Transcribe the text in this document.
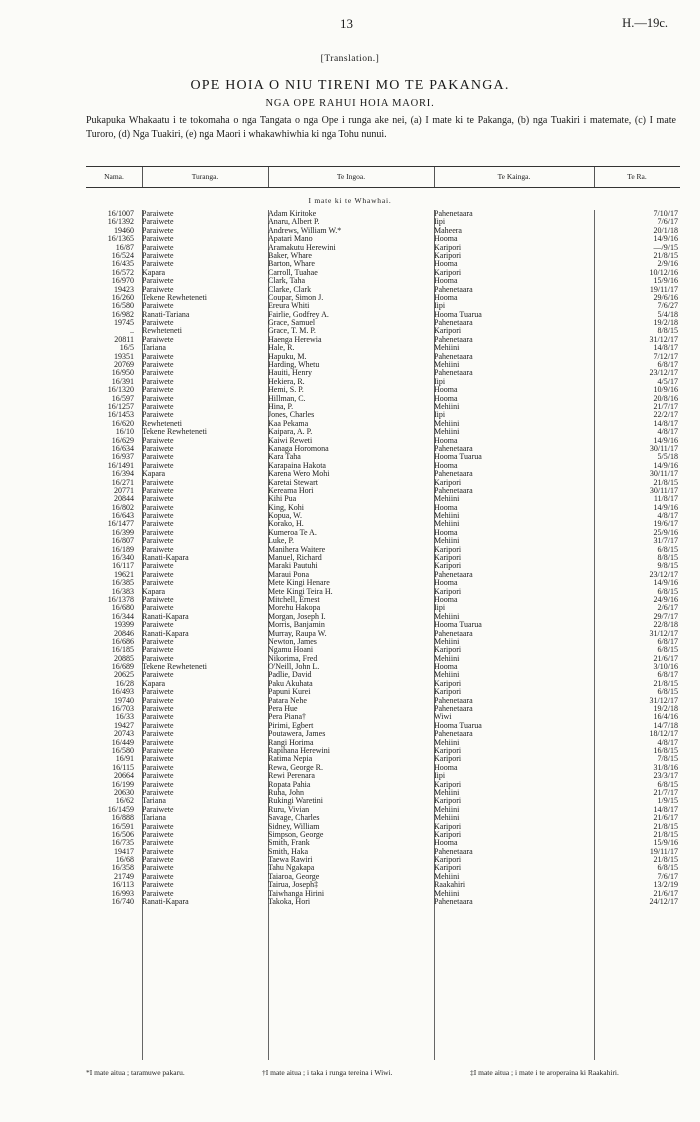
13	H.—19c.
[Translation.]
OPE HOIA O NIU TIRENI MO TE PAKANGA.
NGA OPE RAHUI HOIA MAORI.
Pukapuka Whakaatu i te tokomaha o nga Tangata o nga Ope i runga ake nei, (a) I mate ki te Pakanga, (b) nga Tuakiri i matemate, (c) I mate Turoro, (d) Nga Tuakiri, (e) nga Maori i whakawhiwhia ki nga Tohu nunui.
Nama.	Turanga.	Te Ingoa.	Te Kainga.	Te Ra.
I mate ki te Whawhai.
16/1007 Paraiwete	Adam Kiritoke	Pahenetaara	7/10/17
16/1392 Paraiwete	Anaru, Albert P.	Iipi	7/6/17
19460 Paraiwete	Andrews, William W.*	Maheera	20/1/18
16/1365 Paraiwete	Apatari Mano	Hooma	14/9/16
16/87 Paraiwete	Aramakutu Herewini	Karipori	—/9/15
16/524 Paraiwete	Baker, Whare	Karipori	21/8/15
16/435 Paraiwete	Barton, Whare	Hooma	2/9/16
16/572 Kapara	Carroll, Tuahae	Karipori	10/12/16
16/970 Paraiwete	Clark, Taha	Hooma	15/9/16
19423 Paraiwete	Clarke, Clark	Pahenetaara	19/11/17
16/260 Tekene Rewheteneti	Coupar, Simon J.	Hooma	29/6/16
16/580 Paraiwete	Ereura Whiti	Iipi	7/6/27
16/982 Ranati-Tariana	Fairlie, Godfrey A.	Hooma Tuarua	5/4/18
19745 Paraiwete	Grace, Samuel	Pahenetaara	19/2/18
.. Rewheteneti	Grace, T. M. P.	Karipori	8/8/15
20811 Paraiwete	Haenga Herewia	Pahenetaara	31/12/17
16/5 Tariana	Hale, R.	Mehiini	14/8/17
19351 Paraiwete	Hapuku, M.	Pahenetaara	7/12/17
20769 Paraiwete	Harding, Whetu	Mehiini	6/8/17
16/950 Paraiwete	Hauiti, Henry	Pahenetaara	23/12/17
16/391 Paraiwete	Hekiera, R.	Iipi	4/5/17
16/1320 Paraiwete	Hemi, S. P.	Hooma	10/9/16
16/597 Paraiwete	Hillman, C.	Hooma	20/8/16
16/1257 Paraiwete	Hina, P.	Mehiini	21/7/17
16/1453 Paraiwete	Jones, Charles	Iipi	22/2/17
16/620 Rewheteneti	Kaa Pekama	Mehiini	14/8/17
16/10 Tekene Rewheteneti	Kaipara, A. P.	Mehiini	4/8/17
16/629 Paraiwete	Kaiwi Reweti	Hooma	14/9/16
16/634 Paraiwete	Kanaga Horomona	Pahenetaara	30/11/17
16/937 Paraiwete	Kara Taha	Hooma Tuarua	5/5/18
16/1491 Paraiwete	Karapaina Hakota	Hooma	14/9/16
16/394 Kapara	Karena Wero Mohi	Pahenetaara	30/11/17
16/271 Paraiwete	Karetai Stewart	Karipori	21/8/15
20771 Paraiwete	Kereama Hori	Pahenetaara	30/11/17
20844 Paraiwete	Kihi Pua	Mehiini	11/8/17
16/802 Paraiwete	King, Kohi	Hooma	14/9/16
16/643 Paraiwete	Kopua, W.	Mehiini	4/8/17
16/1477 Paraiwete	Korako, H.	Mehiini	19/6/17
16/399 Paraiwete	Kumeroa Te A.	Hooma	25/9/16
16/807 Paraiwete	Luke, P.	Mehiini	31/7/17
16/189 Paraiwete	Manihera Waitere	Karipori	6/8/15
16/340 Ranati-Kapara	Manuel, Richard	Karipori	8/8/15
16/117 Paraiwete	Maraki Pautuhi	Karipori	9/8/15
19621 Paraiwete	Maraui Pona	Pahenetaara	23/12/17
16/385 Paraiwete	Mete Kingi Henare	Hooma	14/9/16
16/383 Kapara	Mete Kingi Teira H.	Karipori	6/8/15
16/1378 Paraiwete	Mitchell, Ernest	Hooma	24/9/16
16/680 Paraiwete	Morehu Hakopa	Iipi	2/6/17
16/344 Ranati-Kapara	Morgan, Joseph I.	Mehiini	29/7/17
19399 Paraiwete	Morris, Banjamin	Hooma Tuarua	22/8/18
20846 Ranati-Kapara	Murray, Raupa W.	Pahenetaara	31/12/17
16/686 Paraiwete	Newton, James	Mehiini	6/8/17
16/185 Paraiwete	Ngamu Hoani	Karipori	6/8/15
20885 Paraiwete	Nikorima, Fred	Mehiini	21/6/17
16/689 Tekene Rewheteneti	O'Neill, John L.	Hooma	3/10/16
20625 Paraiwete	Padlie, David	Mehiini	6/8/17
16/28 Kapara	Paku Akuhata	Karipori	21/8/15
16/493 Paraiwete	Papuni Kurei	Karipori	6/8/15
19740 Paraiwete	Patara Nehe	Pahenetaara	31/12/17
16/703 Paraiwete	Pera Hue	Pahenetaara	19/2/18
16/33 Paraiwete	Pera Piana†	Wiwi	16/4/16
19427 Paraiwete	Pirimi, Egbert	Hooma Tuarua	14/7/18
20743 Paraiwete	Poutawera, James	Pahenetaara	18/12/17
16/449 Paraiwete	Rangi Horima	Mehiini	4/8/17
16/580 Paraiwete	Rapihana Herewini	Karipori	16/8/15
16/91 Paraiwete	Ratima Nepia	Karipori	7/8/15
16/115 Paraiwete	Rewa, George R.	Hooma	31/8/16
20664 Paraiwete	Rewi Perenara	Iipi	23/3/17
16/199 Paraiwete	Ropata Pahia	Karipori	6/8/15
20630 Paraiwete	Ruha, John	Mehiini	21/7/17
16/62 Tariana	Rukingi Waretini	Karipori	1/9/15
16/1459 Paraiwete	Ruru, Vivian	Mehiini	14/8/17
16/888 Tariana	Savage, Charles	Mehiini	21/6/17
16/591 Paraiwete	Sidney, William	Karipori	21/8/15
16/506 Paraiwete	Simpson, George	Karipori	21/8/15
16/735 Paraiwete	Smith, Frank	Hooma	15/9/16
19417 Paraiwete	Smith, Haka	Pahenetaara	19/11/17
16/68 Paraiwete	Taewa Rawiri	Karipori	21/8/15
16/358 Paraiwete	Tahu Ngakapa	Karipori	6/8/15
21749 Paraiwete	Taiaroa, George	Mehiini	7/6/17
16/113 Paraiwete	Tairua, Joseph‡	Raakahiri	13/2/19
16/993 Paraiwete	Taiwhanga Hirini	Mehiini	21/6/17
16/740 Ranati-Kapara	Takoka, Hori	Pahenetaara	24/12/17
*I mate aituа ; taramuwe pakaru.	†I mate aitua ; i taka i runga tereina i Wiwi.	‡I mate aitua ; i mate i te aroperaina ki Raakahiri.
